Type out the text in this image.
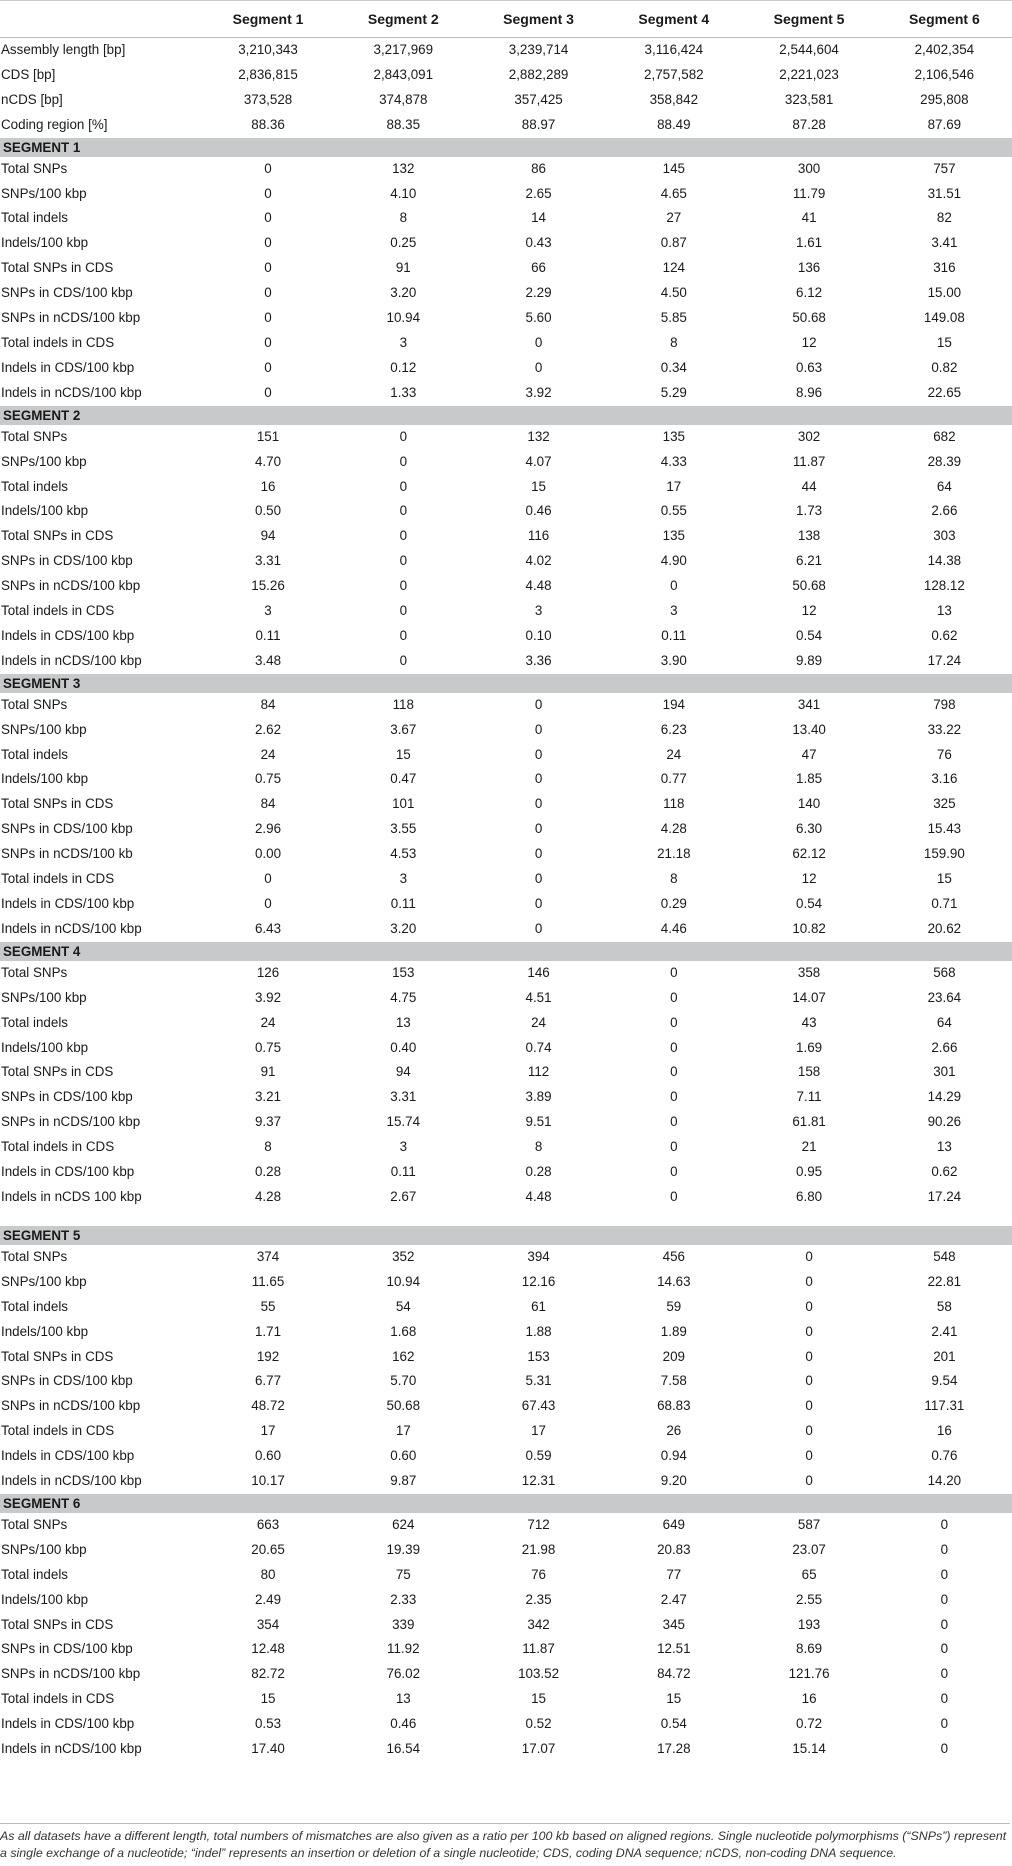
	Segment 1	Segment 2	Segment 3	Segment 4	Segment 5	Segment 6
Assembly length [bp]	3,210,343	3,217,969	3,239,714	3,116,424	2,544,604	2,402,354
CDS [bp]	2,836,815	2,843,091	2,882,289	2,757,582	2,221,023	2,106,546
nCDS [bp]	373,528	374,878	357,425	358,842	323,581	295,808
Coding region [%]	88.36	88.35	88.97	88.49	87.28	87.69
SEGMENT 1						
Total SNPs	0	132	86	145	300	757
SNPs/100 kbp	0	4.10	2.65	4.65	11.79	31.51
Total indels	0	8	14	27	41	82
Indels/100 kbp	0	0.25	0.43	0.87	1.61	3.41
Total SNPs in CDS	0	91	66	124	136	316
SNPs in CDS/100 kbp	0	3.20	2.29	4.50	6.12	15.00
SNPs in nCDS/100 kbp	0	10.94	5.60	5.85	50.68	149.08
Total indels in CDS	0	3	0	8	12	15
Indels in CDS/100 kbp	0	0.12	0	0.34	0.63	0.82
Indels in nCDS/100 kbp	0	1.33	3.92	5.29	8.96	22.65
SEGMENT 2						
Total SNPs	151	0	132	135	302	682
SNPs/100 kbp	4.70	0	4.07	4.33	11.87	28.39
Total indels	16	0	15	17	44	64
Indels/100 kbp	0.50	0	0.46	0.55	1.73	2.66
Total SNPs in CDS	94	0	116	135	138	303
SNPs in CDS/100 kbp	3.31	0	4.02	4.90	6.21	14.38
SNPs in nCDS/100 kbp	15.26	0	4.48	0	50.68	128.12
Total indels in CDS	3	0	3	3	12	13
Indels in CDS/100 kbp	0.11	0	0.10	0.11	0.54	0.62
Indels in nCDS/100 kbp	3.48	0	3.36	3.90	9.89	17.24
SEGMENT 3						
Total SNPs	84	118	0	194	341	798
SNPs/100 kbp	2.62	3.67	0	6.23	13.40	33.22
Total indels	24	15	0	24	47	76
Indels/100 kbp	0.75	0.47	0	0.77	1.85	3.16
Total SNPs in CDS	84	101	0	118	140	325
SNPs in CDS/100 kbp	2.96	3.55	0	4.28	6.30	15.43
SNPs in nCDS/100 kb	0.00	4.53	0	21.18	62.12	159.90
Total indels in CDS	0	3	0	8	12	15
Indels in CDS/100 kbp	0	0.11	0	0.29	0.54	0.71
Indels in nCDS/100 kbp	6.43	3.20	0	4.46	10.82	20.62
SEGMENT 4						
Total SNPs	126	153	146	0	358	568
SNPs/100 kbp	3.92	4.75	4.51	0	14.07	23.64
Total indels	24	13	24	0	43	64
Indels/100 kbp	0.75	0.40	0.74	0	1.69	2.66
Total SNPs in CDS	91	94	112	0	158	301
SNPs in CDS/100 kbp	3.21	3.31	3.89	0	7.11	14.29
SNPs in nCDS/100 kbp	9.37	15.74	9.51	0	61.81	90.26
Total indels in CDS	8	3	8	0	21	13
Indels in CDS/100 kbp	0.28	0.11	0.28	0	0.95	0.62
Indels in nCDS 100 kbp	4.28	2.67	4.48	0	6.80	17.24

SEGMENT 5						
Total SNPs	374	352	394	456	0	548
SNPs/100 kbp	11.65	10.94	12.16	14.63	0	22.81
Total indels	55	54	61	59	0	58
Indels/100 kbp	1.71	1.68	1.88	1.89	0	2.41
Total SNPs in CDS	192	162	153	209	0	201
SNPs in CDS/100 kbp	6.77	5.70	5.31	7.58	0	9.54
SNPs in nCDS/100 kbp	48.72	50.68	67.43	68.83	0	117.31
Total indels in CDS	17	17	17	26	0	16
Indels in CDS/100 kbp	0.60	0.60	0.59	0.94	0	0.76
Indels in nCDS/100 kbp	10.17	9.87	12.31	9.20	0	14.20
SEGMENT 6						
Total SNPs	663	624	712	649	587	0
SNPs/100 kbp	20.65	19.39	21.98	20.83	23.07	0
Total indels	80	75	76	77	65	0
Indels/100 kbp	2.49	2.33	2.35	2.47	2.55	0
Total SNPs in CDS	354	339	342	345	193	0
SNPs in CDS/100 kbp	12.48	11.92	11.87	12.51	8.69	0
SNPs in nCDS/100 kbp	82.72	76.02	103.52	84.72	121.76	0
Total indels in CDS	15	13	15	15	16	0
Indels in CDS/100 kbp	0.53	0.46	0.52	0.54	0.72	0
Indels in nCDS/100 kbp	17.40	16.54	17.07	17.28	15.14	0
As all datasets have a different length, total numbers of mismatches are also given as a ratio per 100 kb based on aligned regions. Single nucleotide polymorphisms (“SNPs”) represent a single exchange of a nucleotide; “indel” represents an insertion or deletion of a single nucleotide; CDS, coding DNA sequence; nCDS, non-coding DNA sequence.
